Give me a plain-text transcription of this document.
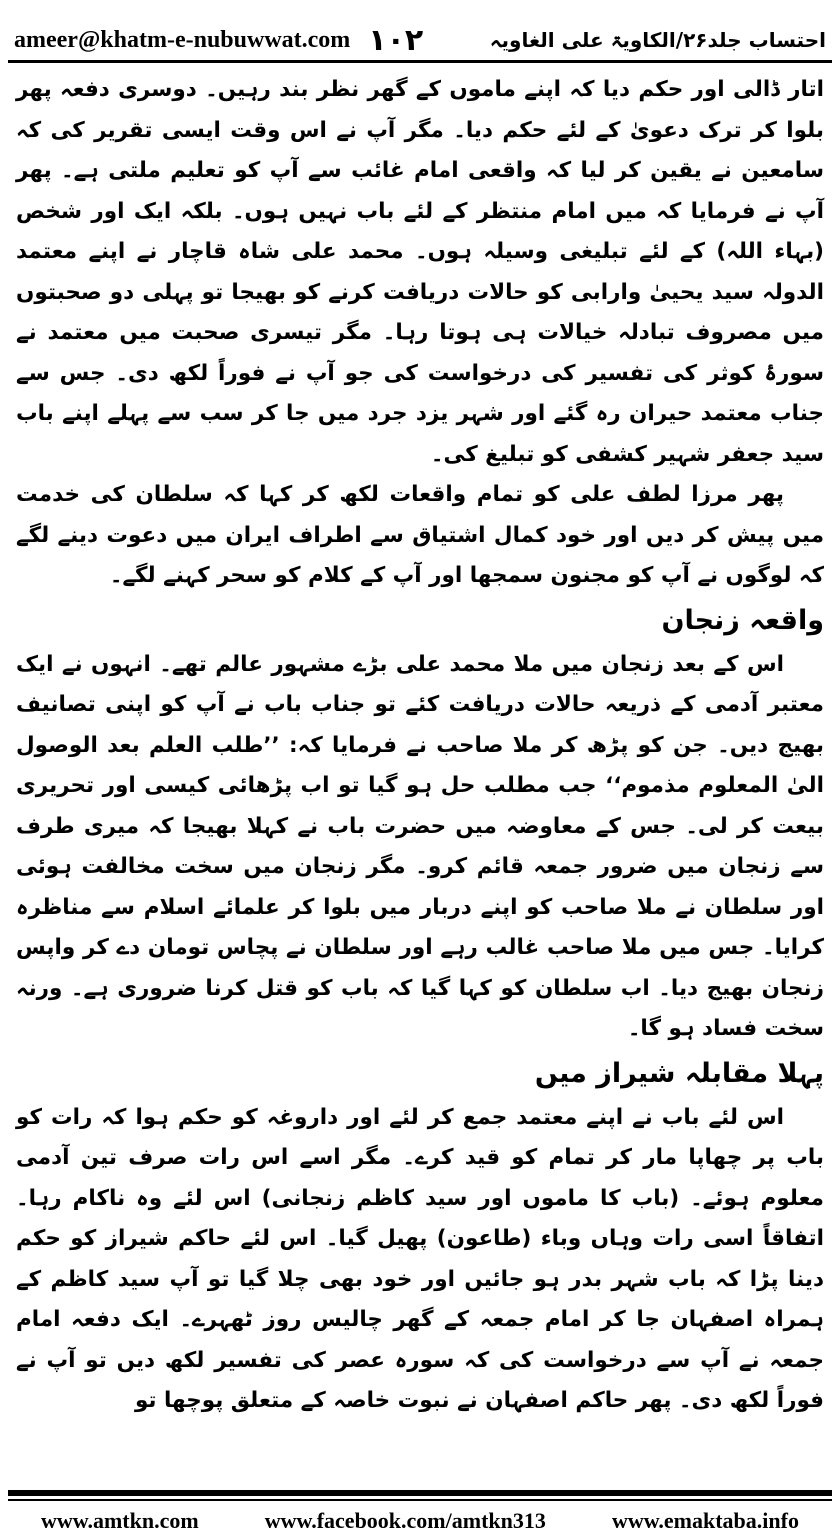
ameer@khatm-e-nubuwwat.com ۱۰۲	احتساب جلد۲۶/الکاویۃ علی الغاویہ

اتار ڈالی اور حکم دیا کہ اپنے ماموں کے گھر نظر بند رہیں۔ دوسری دفعہ پھر بلوا کر ترک دعویٰ کے لئے حکم دیا۔ مگر آپ نے اس وقت ایسی تقریر کی کہ سامعین نے یقین کر لیا کہ واقعی امام غائب سے آپ کو تعلیم ملتی ہے۔ پھر آپ نے فرمایا کہ میں امام منتظر کے لئے باب نہیں ہوں۔ بلکہ ایک اور شخص (بہاء اللہ) کے لئے تبلیغی وسیلہ ہوں۔ محمد علی شاہ قاچار نے اپنے معتمد الدولہ سید یحییٰ وارابی کو حالات دریافت کرنے کو بھیجا تو پہلی دو صحبتوں میں مصروف تبادلہ خیالات ہی ہوتا رہا۔ مگر تیسری صحبت میں معتمد نے سورۂ کوثر کی تفسیر کی درخواست کی جو آپ نے فوراً لکھ دی۔ جس سے جناب معتمد حیران رہ گئے اور شہر یزد جرد میں جا کر سب سے پہلے اپنے باب سید جعفر شہیر کشفی کو تبلیغ کی۔

پھر مرزا لطف علی کو تمام واقعات لکھ کر کہا کہ سلطان کی خدمت میں پیش کر دیں اور خود کمال اشتیاق سے اطراف ایران میں دعوت دینے لگے کہ لوگوں نے آپ کو مجنون سمجھا اور آپ کے کلام کو سحر کہنے لگے۔

واقعہ زنجان

اس کے بعد زنجان میں ملا محمد علی بڑے مشہور عالم تھے۔ انہوں نے ایک معتبر آدمی کے ذریعہ حالات دریافت کئے تو جناب باب نے آپ کو اپنی تصانیف بھیج دیں۔ جن کو پڑھ کر ملا صاحب نے فرمایا کہ: ’’طلب العلم بعد الوصول الیٰ المعلوم مذموم‘‘ جب مطلب حل ہو گیا تو اب پڑھائی کیسی اور تحریری بیعت کر لی۔ جس کے معاوضہ میں حضرت باب نے کہلا بھیجا کہ میری طرف سے زنجان میں ضرور جمعہ قائم کرو۔ مگر زنجان میں سخت مخالفت ہوئی اور سلطان نے ملا صاحب کو اپنے دربار میں بلوا کر علمائے اسلام سے مناظرہ کرایا۔ جس میں ملا صاحب غالب رہے اور سلطان نے پچاس تومان دے کر واپس زنجان بھیج دیا۔ اب سلطان کو کہا گیا کہ باب کو قتل کرنا ضروری ہے۔ ورنہ سخت فساد ہو گا۔

پہلا مقابلہ شیراز میں

اس لئے باب نے اپنے معتمد جمع کر لئے اور داروغہ کو حکم ہوا کہ رات کو باب پر چھاپا مار کر تمام کو قید کرے۔ مگر اسے اس رات صرف تین آدمی معلوم ہوئے۔ (باب کا ماموں اور سید کاظم زنجانی) اس لئے وہ ناکام رہا۔ اتفاقاً اسی رات وہاں وباء (طاعون) پھیل گیا۔ اس لئے حاکم شیراز کو حکم دینا پڑا کہ باب شہر بدر ہو جائیں اور خود بھی چلا گیا تو آپ سید کاظم کے ہمراہ اصفہان جا کر امام جمعہ کے گھر چالیس روز ٹھہرے۔ ایک دفعہ امام جمعہ نے آپ سے درخواست کی کہ سورہ عصر کی تفسیر لکھ دیں تو آپ نے فوراً لکھ دی۔ پھر حاکم اصفہان نے نبوت خاصہ کے متعلق پوچھا تو

www.amtkn.com	www.facebook.com/amtkn313	www.emaktaba.info
